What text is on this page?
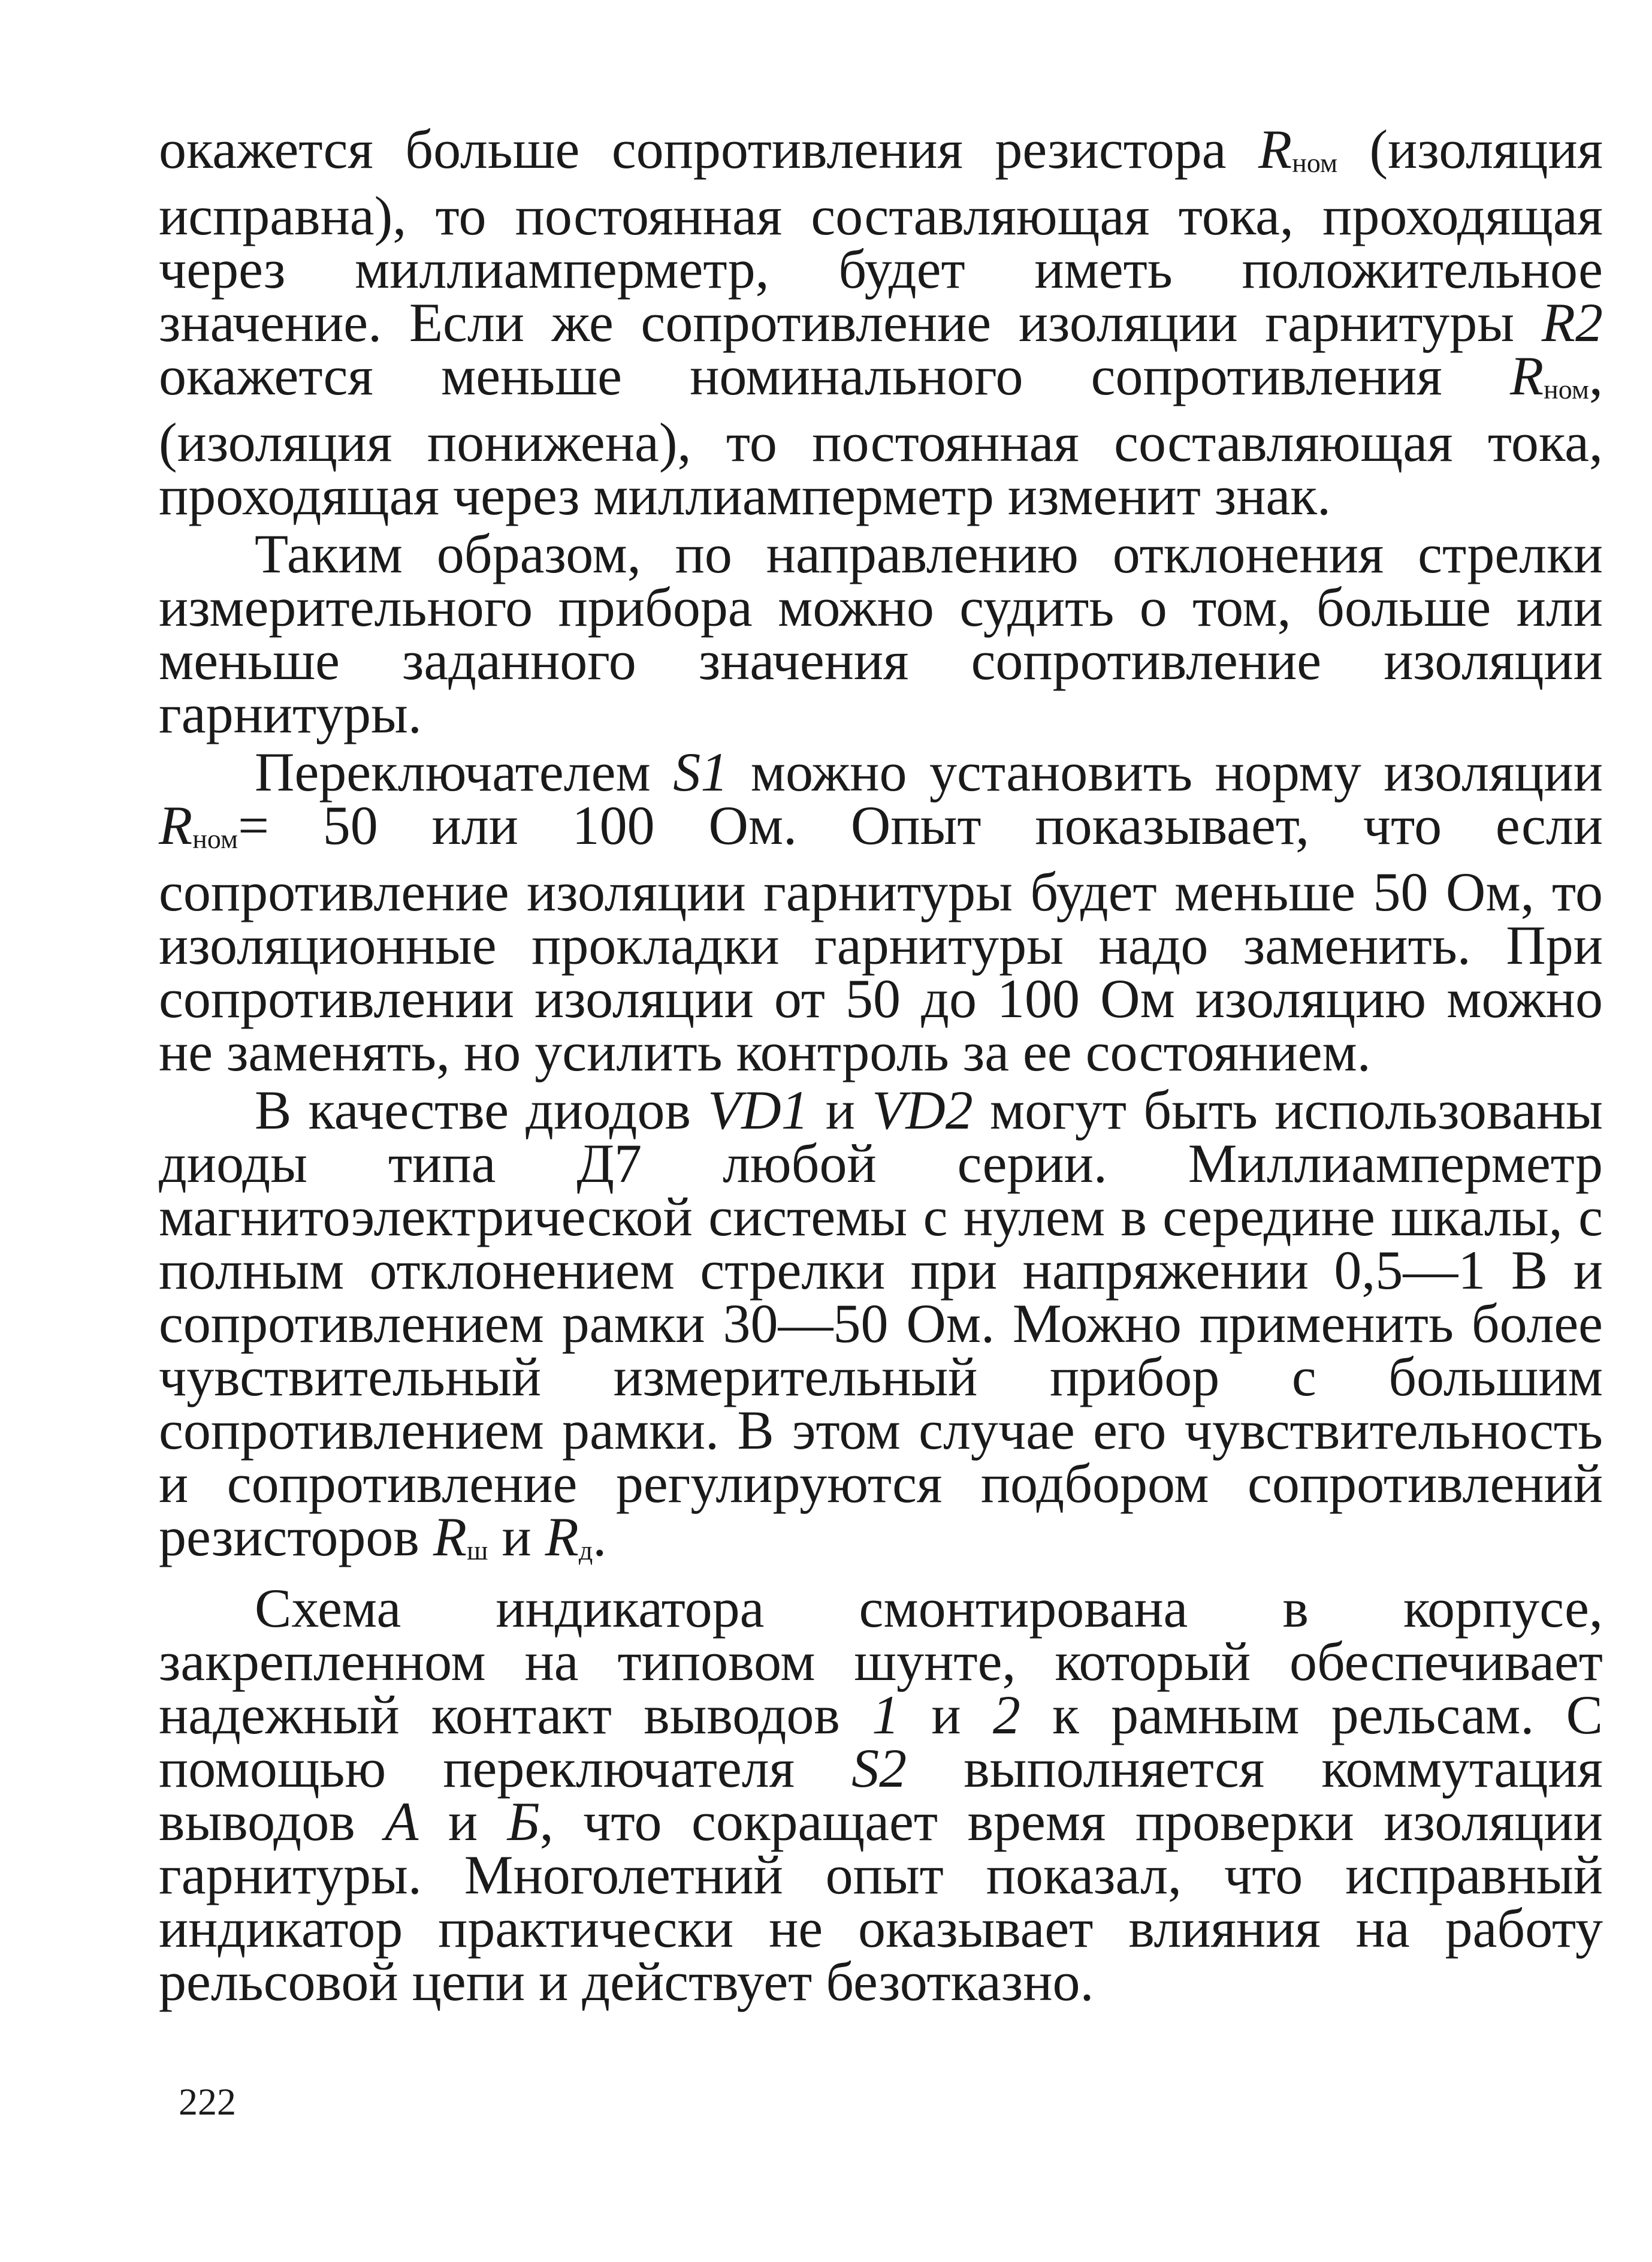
окажется больше сопротивления резистора Rном (изоляция исправна), то постоянная составляющая тока, проходящая через миллиамперметр, будет иметь положительное значение. Если же сопротивление изоляции гарнитуры R2 окажется меньше номинального сопротивления Rном, (изоляция понижена), то постоянная составляющая тока, проходящая через миллиамперметр изменит знак.

Таким образом, по направлению отклонения стрелки измерительного прибора можно судить о том, больше или меньше заданного значения сопротивление изоляции гарнитуры.

Переключателем S1 можно установить норму изоляции Rном= 50 или 100 Ом. Опыт показывает, что если сопротивление изоляции гарнитуры будет меньше 50 Ом, то изоляционные прокладки гарнитуры надо заменить. При сопротивлении изоляции от 50 до 100 Ом изоляцию можно не заменять, но усилить контроль за ее состоянием.

В качестве диодов VD1 и VD2 могут быть использованы диоды типа Д7 любой серии. Миллиамперметр магнитоэлектрической системы с нулем в середине шкалы, с полным отклонением стрелки при напряжении 0,5—1 В и сопротивлением рамки 30—50 Ом. Можно применить более чувствительный измерительный прибор с большим сопротивлением рамки. В этом случае его чувствительность и сопротивление регулируются подбором сопротивлений резисторов Rш и Rд.

Схема индикатора смонтирована в корпусе, закрепленном на типовом шунте, который обеспечивает надежный контакт выводов 1 и 2 к рамным рельсам. С помощью переключателя S2 выполняется коммутация выводов А и Б, что сокращает время проверки изоляции гарнитуры. Многолетний опыт показал, что исправный индикатор практически не оказывает влияния на работу рельсовой цепи и действует безотказно.

222
